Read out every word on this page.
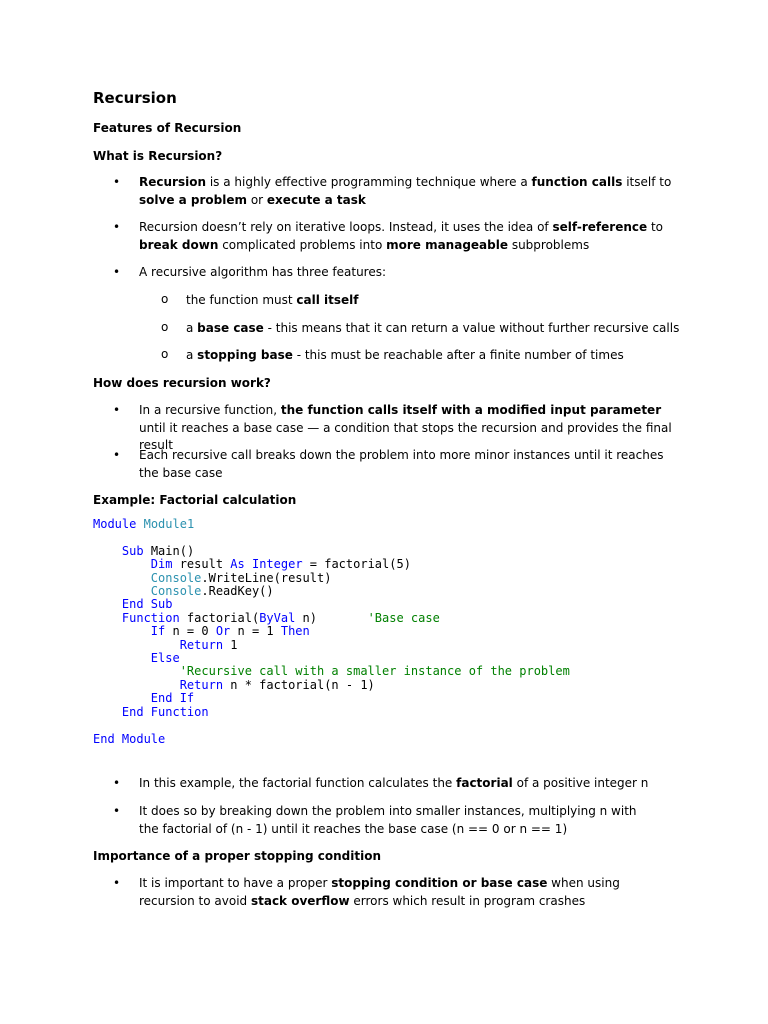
Recursion
Features of Recursion
What is Recursion?
• Recursion is a highly effective programming technique where a function calls itself to solve a problem or execute a task
• Recursion doesn’t rely on iterative loops. Instead, it uses the idea of self-reference to break down complicated problems into more manageable subproblems
• A recursive algorithm has three features:
o the function must call itself
o a base case - this means that it can return a value without further recursive calls
o a stopping base - this must be reachable after a finite number of times
How does recursion work?
• In a recursive function, the function calls itself with a modified input parameter until it reaches a base case — a condition that stops the recursion and provides the final result
• Each recursive call breaks down the problem into more minor instances until it reaches the base case
Example: Factorial calculation
Module Module1

Sub Main()
Dim result As Integer = factorial(5)
Console.WriteLine(result)
Console.ReadKey()
End Sub
Function factorial(ByVal n)	'Base case
If n = 0 Or n = 1 Then
Return 1
Else
'Recursive call with a smaller instance of the problem
Return n * factorial(n - 1)
End If
End Function

End Module
• In this example, the factorial function calculates the factorial of a positive integer n
• It does so by breaking down the problem into smaller instances, multiplying n with the factorial of (n - 1) until it reaches the base case (n == 0 or n == 1)
Importance of a proper stopping condition
• It is important to have a proper stopping condition or base case when using recursion to avoid stack overflow errors which result in program crashes
